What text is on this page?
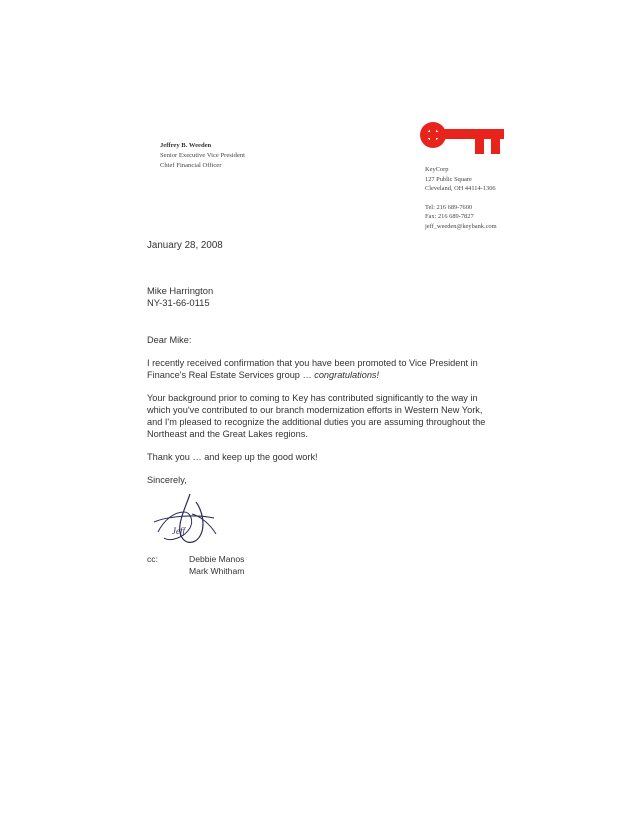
Jeffrey B. Weeden
Senior Executive Vice President
Chief Financial Officer
KeyCorp
127 Public Square
Cleveland, OH 44114-1306
Tel: 216 689-7600
Fax: 216 689-7827
jeff_weeden@keybank.com
January 28, 2008
Mike Harrington
NY-31-66-0115

Dear Mike:

I recently received confirmation that you have been promoted to Vice President in Finance's Real Estate Services group … congratulations!

Your background prior to coming to Key has contributed significantly to the way in which you've contributed to our branch modernization efforts in Western New York, and I'm pleased to recognize the additional duties you are assuming throughout the Northeast and the Great Lakes regions.

Thank you … and keep up the good work!

Sincerely,

Jeff
cc:	Debbie Manos
Mark Whitham
